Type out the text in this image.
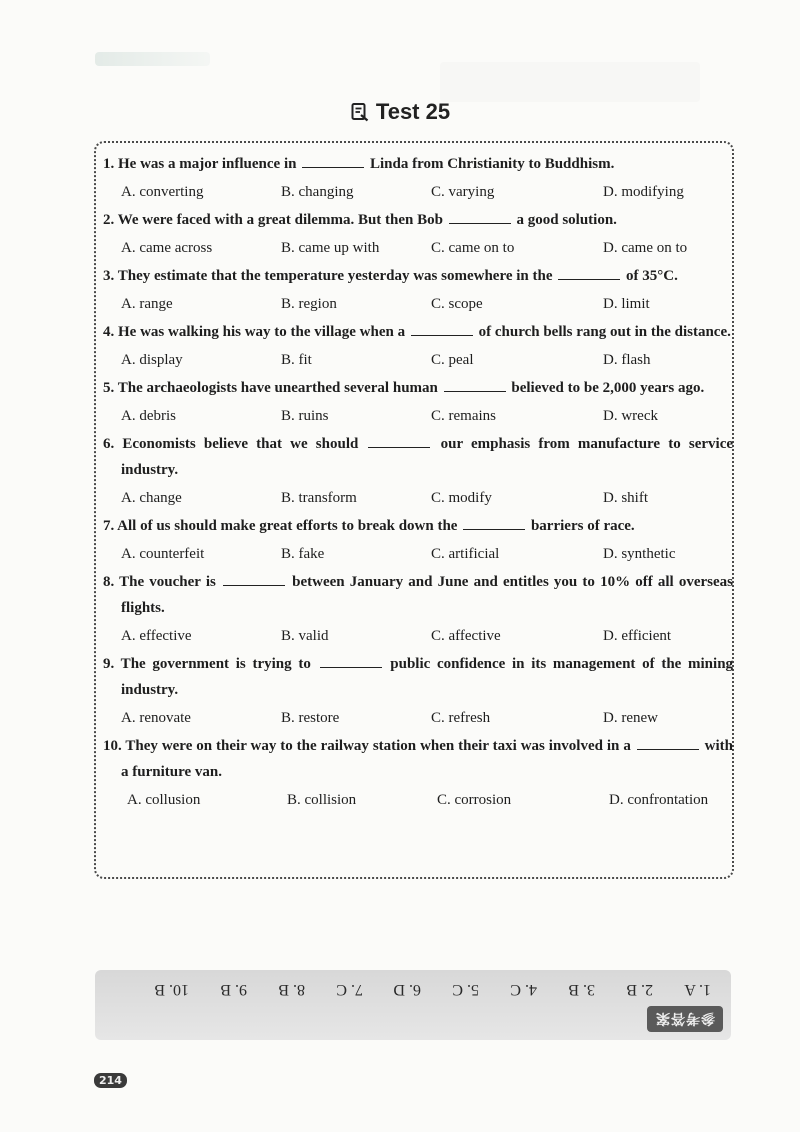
Test 25
1. He was a major influence in	Linda from Christianity to Buddhism.
A. converting	B. changing	C. varying	D. modifying
2. We were faced with a great dilemma. But then Bob	a good solution.
A. came across	B. came up with	C. came on to	D. came on to
3. They estimate that the temperature yesterday was somewhere in the	of 35°C.
A. range	B. region	C. scope	D. limit
4. He was walking his way to the village when a	of church bells rang out in the distance.
A. display	B. fit	C. peal	D. flash
5. The archaeologists have unearthed several human	believed to be 2,000 years ago.
A. debris	B. ruins	C. remains	D. wreck
6. Economists believe that we should	our emphasis from manufacture to service industry.
A. change	B. transform	C. modify	D. shift
7. All of us should make great efforts to break down the	barriers of race.
A. counterfeit	B. fake	C. artificial	D. synthetic
8. The voucher is	between January and June and entitles you to 10% off all overseas flights.
A. effective	B. valid	C. affective	D. efficient
9. The government is trying to	public confidence in its management of the mining industry.
A. renovate	B. restore	C. refresh	D. renew
10. They were on their way to the railway station when their taxi was involved in a	with a furniture van.
A. collusion	B. collision	C. corrosion	D. confrontation
参考答案
1. A
2. B
3. B
4. C
5. C
6. D
7. C
8. B
9. B
10. B
214
